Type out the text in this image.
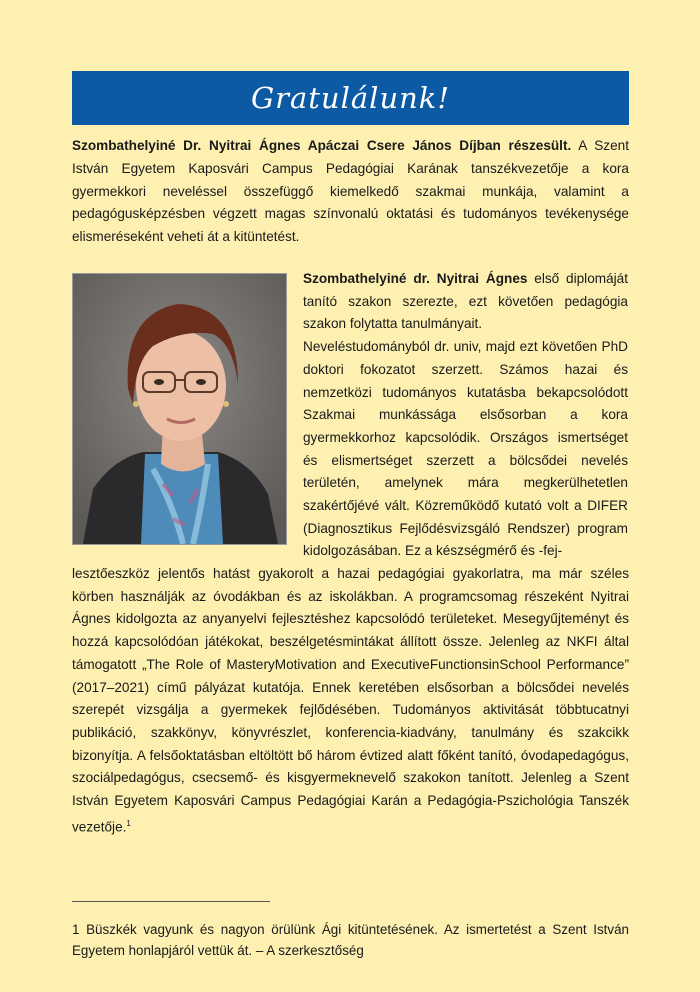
Gratulálunk!

Szombathelyiné Dr. Nyitrai Ágnes Apáczai Csere János Díjban részesült. A Szent István Egyetem Kaposvári Campus Pedagógiai Karának tanszékvezetője a kora gyermekkori neveléssel összefüggő kiemelkedő szakmai munkája, valamint a pedagógusképzésben végzett magas színvonalú oktatási és tudományos tevékenysége elismeréseként veheti át a kitüntetést.

Szombathelyiné dr. Nyitrai Ágnes első diplomáját tanító szakon szerezte, ezt követően pedagógia szakon folytatta tanulmányait.

Neveléstudományból dr. univ, majd ezt követően PhD doktori fokozatot szerzett. Számos hazai és nemzetközi tudományos kutatásba bekapcsolódott Szakmai munkássága elsősorban a kora gyermekkorhoz kapcsolódik. Országos ismertséget és elismertséget szerzett a bölcsődei nevelés területén, amelynek mára megkerülhetetlen szakértőjévé vált. Közreműködő kutató volt a DIFER (Diagnosztikus Fejlődésvizsgáló Rendszer) program kidolgozásában. Ez a készségmérő és -fej-

lesztőeszköz jelentős hatást gyakorolt a hazai pedagógiai gyakorlatra, ma már széles körben használják az óvodákban és az iskolákban. A programcsomag részeként Nyitrai Ágnes kidolgozta az anyanyelvi fejlesztéshez kapcsolódó területeket. Mesegyűjteményt és hozzá kapcsolódóan játékokat, beszélgetésmintákat állított össze. Jelenleg az NKFI által támogatott „The Role of MasteryMotivation and ExecutiveFunctionsinSchool Performance” (2017–2021) című pályázat kutatója. Ennek keretében elsősorban a bölcsődei nevelés szerepét vizsgálja a gyermekek fejlődésében. Tudományos aktivitását többtucatnyi publikáció, szakkönyv, könyvrészlet, konferencia-kiadvány, tanulmány és szakcikk bizonyítja. A felsőoktatásban eltöltött bő három évtized alatt főként tanító, óvodapedagógus, szociálpedagógus, csecsemő- és kisgyermeknevelő szakokon tanított. Jelenleg a Szent István Egyetem Kaposvári Campus Pedagógiai Karán a Pedagógia-Pszichológia Tanszék vezetője.$^1$

1 Büszkék vagyunk és nagyon örülünk Ági kitüntetésének. Az ismertetést a Szent István Egyetem honlapjáról vettük át. – A szerkesztőség
